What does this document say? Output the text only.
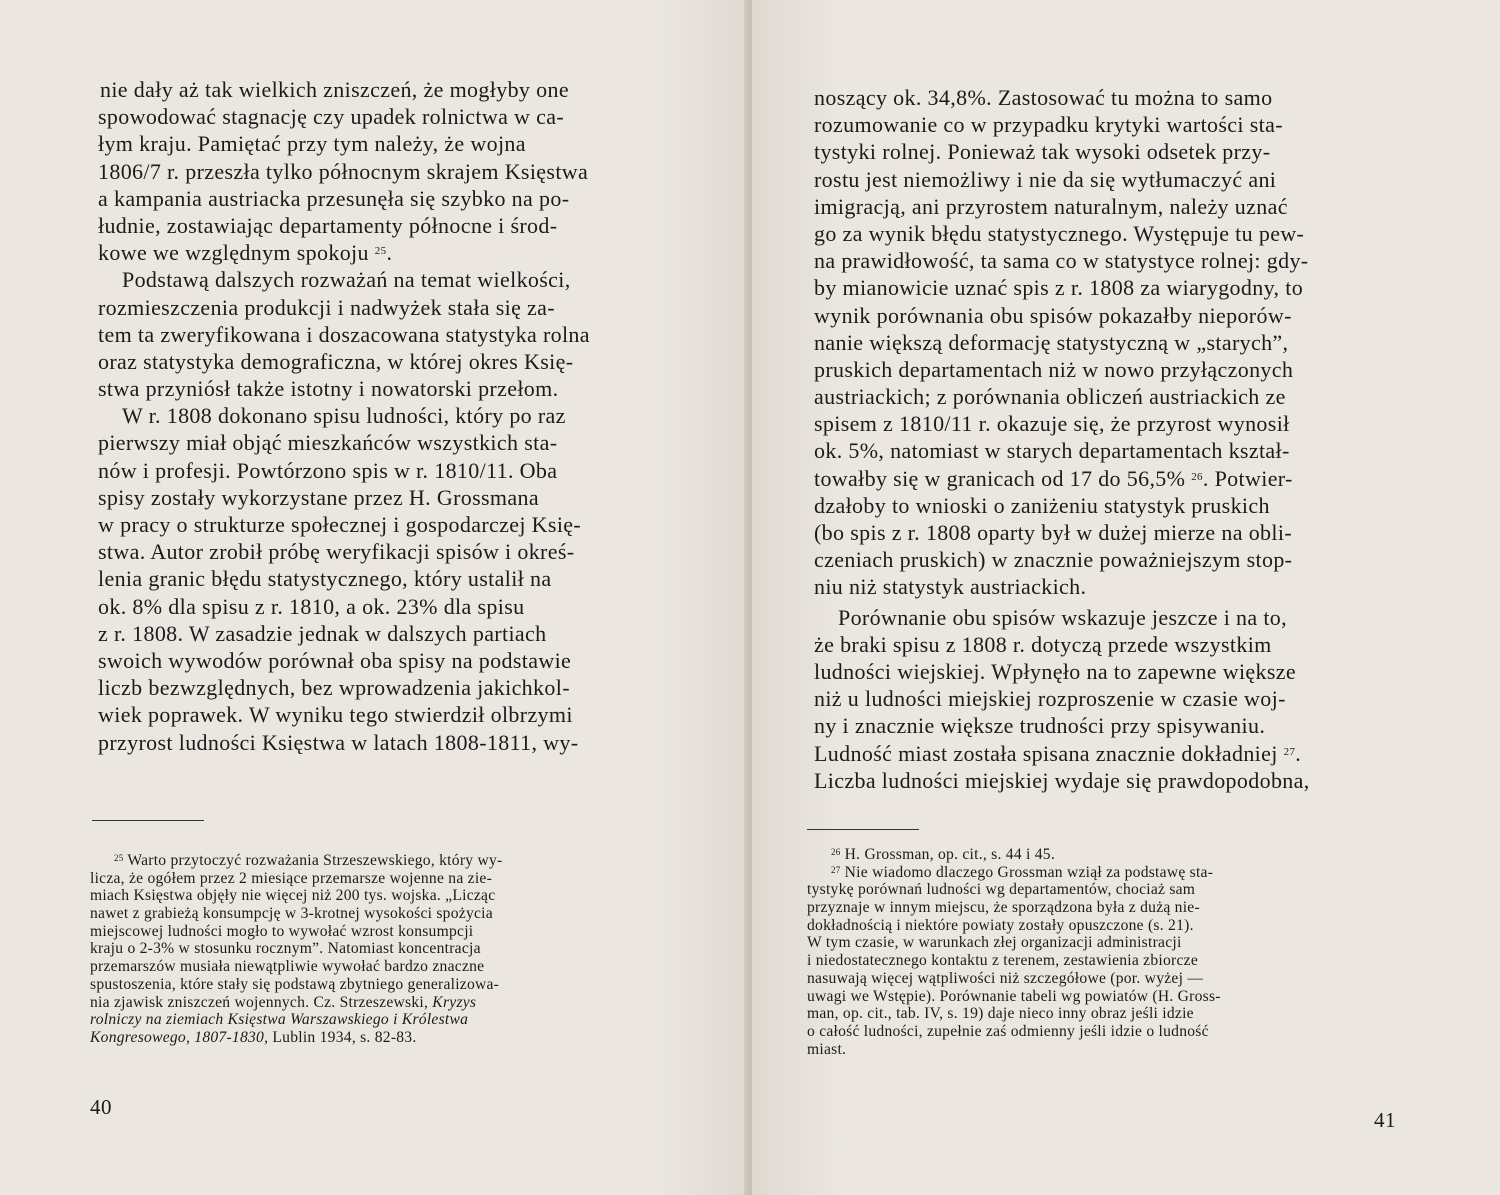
nie dały aż tak wielkich zniszczeń, że mogłyby one
spowodować stagnację czy upadek rolnictwa w ca-
łym kraju. Pamiętać przy tym należy, że wojna
1806/7 r. przeszła tylko północnym skrajem Księstwa
a kampania austriacka przesunęła się szybko na po-
łudnie, zostawiając departamenty północne i środ-
kowe we względnym spokoju $^{25}$.
Podstawą dalszych rozważań na temat wielkości,
rozmieszczenia produkcji i nadwyżek stała się za-
tem ta zweryfikowana i doszacowana statystyka rolna
oraz statystyka demograficzna, w której okres Księ-
stwa przyniósł także istotny i nowatorski przełom.
W r. 1808 dokonano spisu ludności, który po raz
pierwszy miał objąć mieszkańców wszystkich sta-
nów i profesji. Powtórzono spis w r. 1810/11. Oba
spisy zostały wykorzystane przez H. Grossmana
w pracy o strukturze społecznej i gospodarczej Księ-
stwa. Autor zrobił próbę weryfikacji spisów i okreś-
lenia granic błędu statystycznego, który ustalił na
ok. 8% dla spisu z r. 1810, a ok. 23% dla spisu
z r. 1808. W zasadzie jednak w dalszych partiach
swoich wywodów porównał oba spisy na podstawie
liczb bezwzględnych, bez wprowadzenia jakichkol-
wiek poprawek. W wyniku tego stwierdził olbrzymi
przyrost ludności Księstwa w latach 1808-1811, wy-
$^{25}$ Warto przytoczyć rozważania Strzeszewskiego, który wy-
licza, że ogółem przez 2 miesiące przemarsze wojenne na zie-
miach Księstwa objęły nie więcej niż 200 tys. wojska. „Licząc
nawet z grabieżą konsumpcję w 3-krotnej wysokości spożycia
miejscowej ludności mogło to wywołać wzrost konsumpcji
kraju o 2-3% w stosunku rocznym”. Natomiast koncentracja
przemarszów musiała niewątpliwie wywołać bardzo znaczne
spustoszenia, które stały się podstawą zbytniego generalizowa-
nia zjawisk zniszczeń wojennych. Cz. Strzeszewski, Kryzys
rolniczy na ziemiach Księstwa Warszawskiego i Królestwa
Kongresowego, 1807-1830, Lublin 1934, s. 82-83.
40
noszący ok. 34,8%. Zastosować tu można to samo
rozumowanie co w przypadku krytyki wartości sta-
tystyki rolnej. Ponieważ tak wysoki odsetek przy-
rostu jest niemożliwy i nie da się wytłumaczyć ani
imigracją, ani przyrostem naturalnym, należy uznać
go za wynik błędu statystycznego. Występuje tu pew-
na prawidłowość, ta sama co w statystyce rolnej: gdy-
by mianowicie uznać spis z r. 1808 za wiarygodny, to
wynik porównania obu spisów pokazałby nieporów-
nanie większą deformację statystyczną w „starych”,
pruskich departamentach niż w nowo przyłączonych
austriackich; z porównania obliczeń austriackich ze
spisem z 1810/11 r. okazuje się, że przyrost wynosił
ok. 5%, natomiast w starych departamentach kształ-
towałby się w granicach od 17 do 56,5% $^{26}$. Potwier-
dzałoby to wnioski o zaniżeniu statystyk pruskich
(bo spis z r. 1808 oparty był w dużej mierze na obli-
czeniach pruskich) w znacznie poważniejszym stop-
niu niż statystyk austriackich.
Porównanie obu spisów wskazuje jeszcze i na to,
że braki spisu z 1808 r. dotyczą przede wszystkim
ludności wiejskiej. Wpłynęło na to zapewne większe
niż u ludności miejskiej rozproszenie w czasie woj-
ny i znacznie większe trudności przy spisywaniu.
Ludność miast została spisana znacznie dokładniej $^{27}$.
Liczba ludności miejskiej wydaje się prawdopodobna,
$^{26}$ H. Grossman, op. cit., s. 44 i 45.
$^{27}$ Nie wiadomo dlaczego Grossman wziął za podstawę sta-
tystykę porównań ludności wg departamentów, chociaż sam
przyznaje w innym miejscu, że sporządzona była z dużą nie-
dokładnością i niektóre powiaty zostały opuszczone (s. 21).
W tym czasie, w warunkach złej organizacji administracji
i niedostatecznego kontaktu z terenem, zestawienia zbiorcze
nasuwają więcej wątpliwości niż szczegółowe (por. wyżej —
uwagi we Wstępie). Porównanie tabeli wg powiatów (H. Gross-
man, op. cit., tab. IV, s. 19) daje nieco inny obraz jeśli idzie
o całość ludności, zupełnie zaś odmienny jeśli idzie o ludność
miast.
41
